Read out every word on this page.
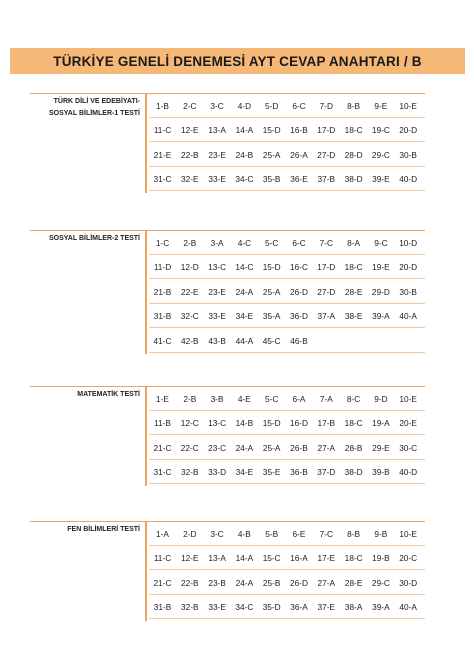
TÜRKİYE GENELİ DENEMESİ AYT CEVAP ANAHTARI / B
TÜRK DİLİ VE EDEBİYATI-
SOSYAL BİLİMLER-1 TESTİ
1-B	2-C	3-C	4-D	5-D	6-C	7-D	8-B	9-E	10-E
11-C	12-E	13-A	14-A	15-D	16-B	17-D	18-C	19-C	20-D
21-E	22-B	23-E	24-B	25-A	26-A	27-D	28-D	29-C	30-B
31-C	32-E	33-E	34-C	35-B	36-E	37-B	38-D	39-E	40-D
SOSYAL BİLİMLER-2 TESTİ	1-C	2-B	3-A	4-C	5-C	6-C	7-C	8-A	9-C	10-D
11-D	12-D	13-C	14-C	15-D	16-C	17-D	18-C	19-E	20-D
21-B	22-E	23-E	24-A	25-A	26-D	27-D	28-E	29-D	30-B
31-B	32-C	33-E	34-E	35-A	36-D	37-A	38-E	39-A	40-A
41-C	42-B	43-B	44-A	45-C	46-B
MATEMATİK TESTİ	1-E	2-B	3-B	4-E	5-C	6-A	7-A	8-C	9-D	10-E
11-B	12-C	13-C	14-B	15-D	16-D	17-B	18-C	19-A	20-E
21-C	22-C	23-C	24-A	25-A	26-B	27-A	28-B	29-E	30-C
31-C	32-B	33-D	34-E	35-E	36-B	37-D	38-D	39-B	40-D
FEN BİLİMLERİ TESTİ	1-A	2-D	3-C	4-B	5-B	6-E	7-C	8-B	9-B	10-E
11-C	12-E	13-A	14-A	15-C	16-A	17-E	18-C	19-B	20-C
21-C	22-B	23-B	24-A	25-B	26-D	27-A	28-E	29-C	30-D
31-B	32-B	33-E	34-C	35-D	36-A	37-E	38-A	39-A	40-A
